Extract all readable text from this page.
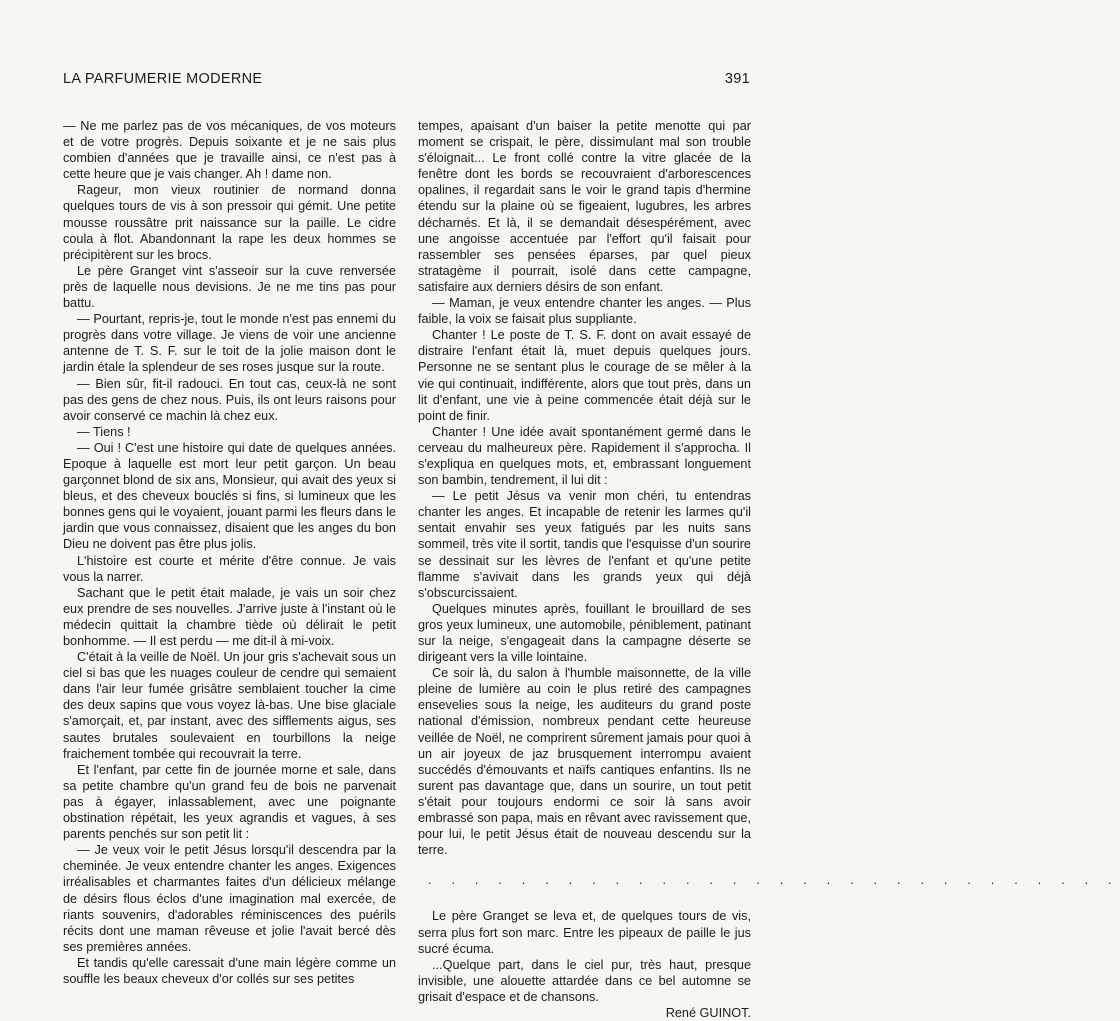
LA PARFUMERIE MODERNE	391

— Ne me parlez pas de vos mécaniques, de vos moteurs et de votre progrès. Depuis soixante et je ne sais plus combien d'années que je travaille ainsi, ce n'est pas à cette heure que je vais changer. Ah ! dame non.

Rageur, mon vieux routinier de normand donna quelques tours de vis à son pressoir qui gémit. Une petite mousse roussâtre prit naissance sur la paille. Le cidre coula à flot. Abandonnant la rape les deux hommes se précipitèrent sur les brocs.

Le père Granget vint s'asseoir sur la cuve renversée près de laquelle nous devisions. Je ne me tins pas pour battu.

— Pourtant, repris-je, tout le monde n'est pas ennemi du progrès dans votre village. Je viens de voir une ancienne antenne de T. S. F. sur le toit de la jolie maison dont le jardin étale la splendeur de ses roses jusque sur la route.

— Bien sûr, fit-il radouci. En tout cas, ceux-là ne sont pas des gens de chez nous. Puis, ils ont leurs raisons pour avoir conservé ce machin là chez eux.

— Tiens !

— Oui ! C'est une histoire qui date de quelques années. Epoque à laquelle est mort leur petit garçon. Un beau garçonnet blond de six ans, Monsieur, qui avait des yeux si bleus, et des cheveux bouclés si fins, si lumineux que les bonnes gens qui le voyaient, jouant parmi les fleurs dans le jardin que vous connaissez, disaient que les anges du bon Dieu ne doivent pas être plus jolis.

L'histoire est courte et mérite d'être connue. Je vais vous la narrer.

Sachant que le petit était malade, je vais un soir chez eux prendre de ses nouvelles. J'arrive juste à l'instant où le médecin quittait la chambre tiède où délirait le petit bonhomme. — Il est perdu — me dit-il à mi-voix.

C'était à la veille de Noël. Un jour gris s'achevait sous un ciel si bas que les nuages couleur de cendre qui semaient dans l'air leur fumée grisâtre semblaient toucher la cime des deux sapins que vous voyez là-bas. Une bise glaciale s'amorçait, et, par instant, avec des sifflements aigus, ses sautes brutales soulevaient en tourbillons la neige fraichement tombée qui recouvrait la terre.

Et l'enfant, par cette fin de journée morne et sale, dans sa petite chambre qu'un grand feu de bois ne parvenait pas à égayer, inlassablement, avec une poignante obstination répétait, les yeux agrandis et vagues, à ses parents penchés sur son petit lit :

— Je veux voir le petit Jésus lorsqu'il descendra par la cheminée. Je veux entendre chanter les anges. Exigences irréalisables et charmantes faites d'un délicieux mélange de désirs flous éclos d'une imagination mal exercée, de riants souvenirs, d'adorables réminiscences des puérils récits dont une maman rêveuse et jolie l'avait bercé dès ses premières années.

Et tandis qu'elle caressait d'une main légère comme un souffle les beaux cheveux d'or collés sur ses petites

tempes, apaisant d'un baiser la petite menotte qui par moment se crispait, le père, dissimulant mal son trouble s'éloignait... Le front collé contre la vitre glacée de la fenêtre dont les bords se recouvraient d'arborescences opalines, il regardait sans le voir le grand tapis d'hermine étendu sur la plaine où se figeaient, lugubres, les arbres décharnés. Et là, il se demandait désespérément, avec une angoisse accentuée par l'effort qu'il faisait pour rassembler ses pensées éparses, par quel pieux stratagème il pourrait, isolé dans cette campagne, satisfaire aux derniers désirs de son enfant.

— Maman, je veux entendre chanter les anges. — Plus faible, la voix se faisait plus suppliante.

Chanter ! Le poste de T. S. F. dont on avait essayé de distraire l'enfant était là, muet depuis quelques jours. Personne ne se sentant plus le courage de se mêler à la vie qui continuait, indifférente, alors que tout près, dans un lit d'enfant, une vie à peine commencée était déjà sur le point de finir.

Chanter ! Une idée avait spontanément germé dans le cerveau du malheureux père. Rapidement il s'approcha. Il s'expliqua en quelques mots, et, embrassant longuement son bambin, tendrement, il lui dit :

— Le petit Jésus va venir mon chéri, tu entendras chanter les anges. Et incapable de retenir les larmes qu'il sentait envahir ses yeux fatigués par les nuits sans sommeil, très vite il sortit, tandis que l'esquisse d'un sourire se dessinait sur les lèvres de l'enfant et qu'une petite flamme s'avivait dans les grands yeux qui déjà s'obscurcissaient.

Quelques minutes après, fouillant le brouillard de ses gros yeux lumineux, une automobile, péniblement, patinant sur la neige, s'engageait dans la campagne déserte se dirigeant vers la ville lointaine.

Ce soir là, du salon à l'humble maisonnette, de la ville pleine de lumière au coin le plus retiré des campagnes ensevelies sous la neige, les auditeurs du grand poste national d'émission, nombreux pendant cette heureuse veillée de Noël, ne comprirent sûrement jamais pour quoi à un air joyeux de jaz brusquement interrompu avaient succédés d'émouvants et naïfs cantiques enfantins. Ils ne surent pas davantage que, dans un sourire, un tout petit s'était pour toujours endormi ce soir là sans avoir embrassé son papa, mais en rêvant avec ravissement que, pour lui, le petit Jésus était de nouveau descendu sur la terre.

. . . . . . . . . . . . . . . . . . . . . . . . . . . . . .

Le père Granget se leva et, de quelques tours de vis, serra plus fort son marc. Entre les pipeaux de paille le jus sucré écuma.

...Quelque part, dans le ciel pur, très haut, presque invisible, une alouette attardée dans ce bel automne se grisait d'espace et de chansons.

René GUINOT.
